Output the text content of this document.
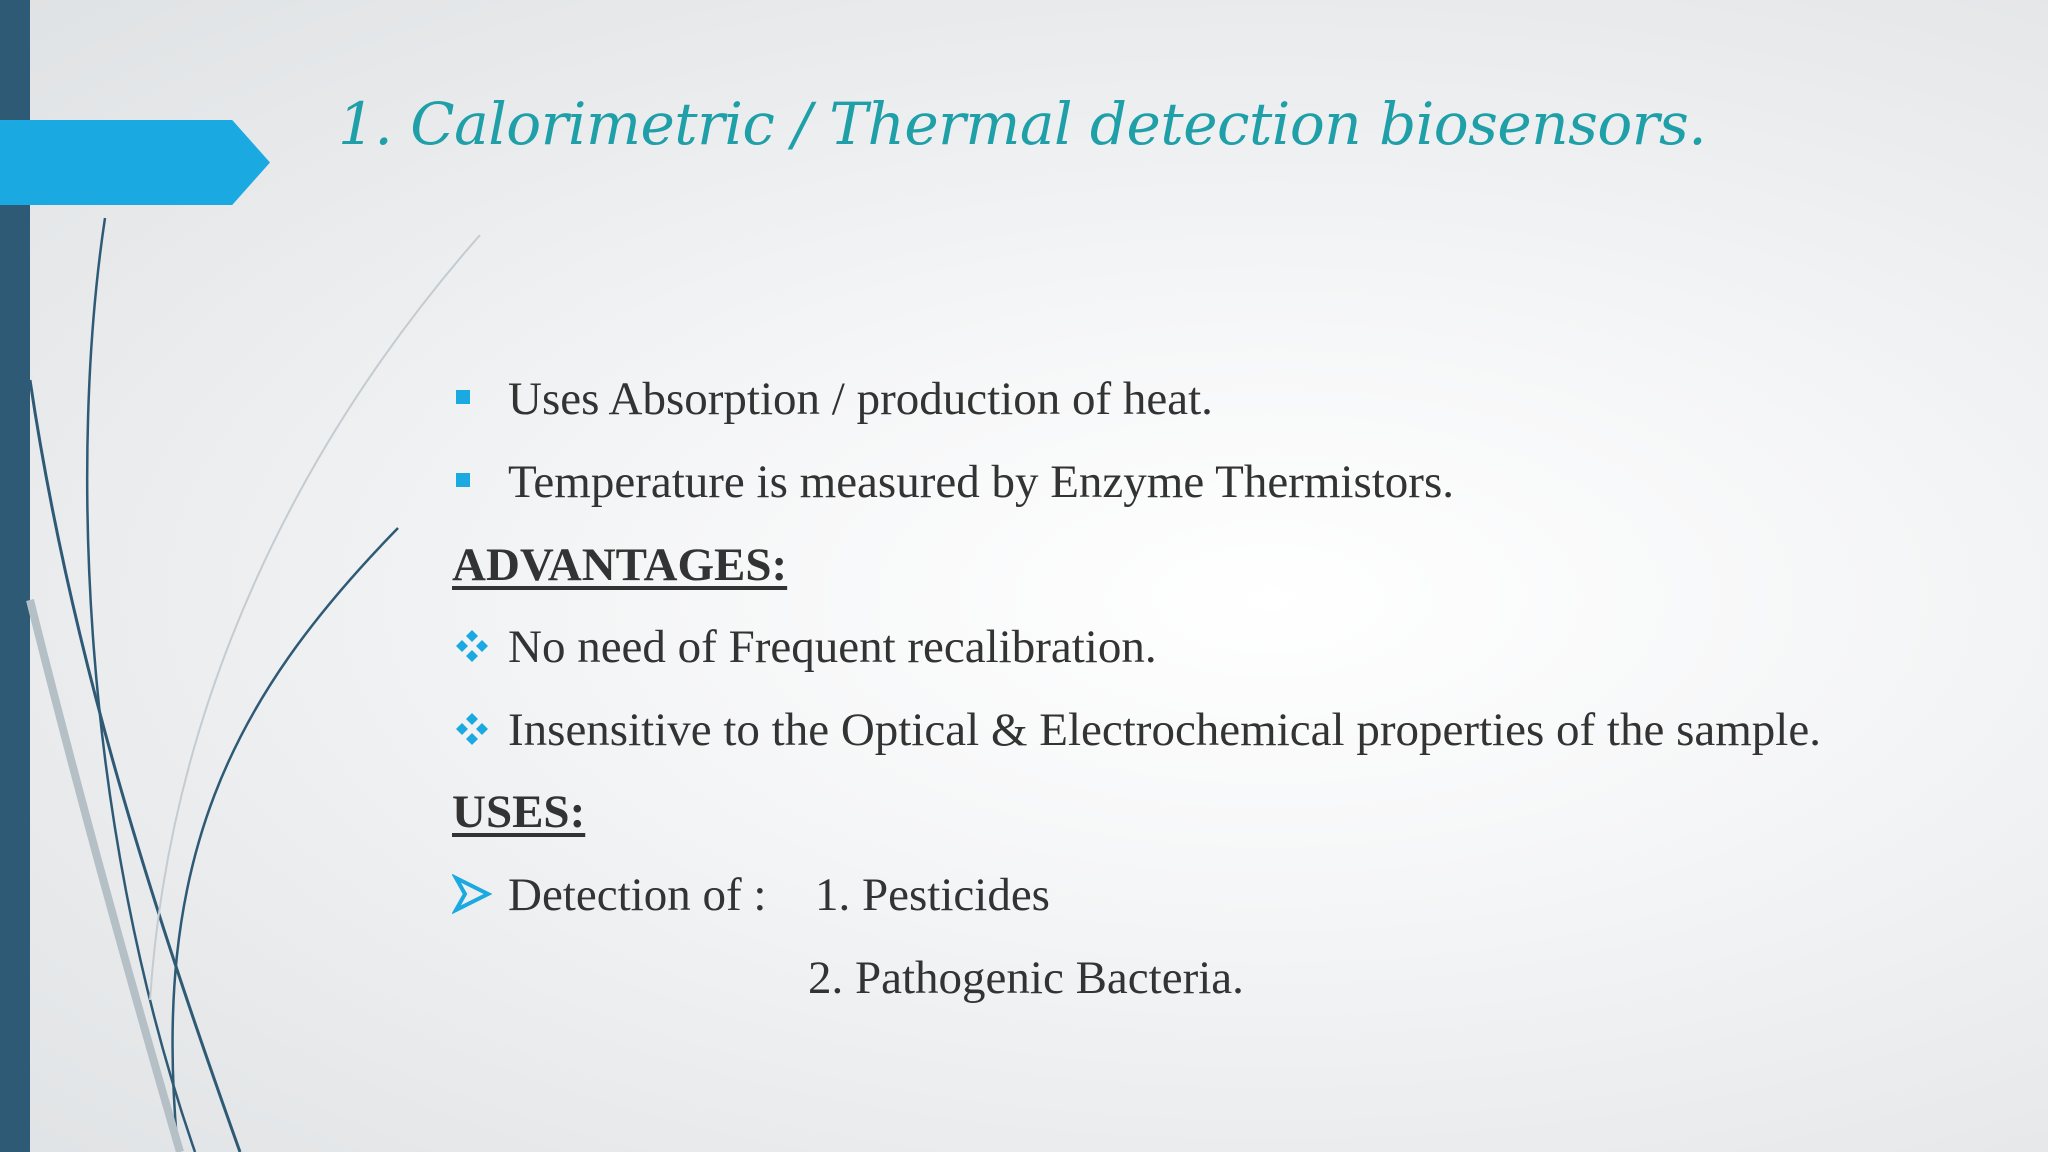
1. Calorimetric / Thermal detection biosensors.
Uses Absorption / production of heat.
Temperature is measured by Enzyme Thermistors.
ADVANTAGES:
No need of Frequent recalibration.
Insensitive to the Optical & Electrochemical properties of the sample.
USES:
Detection of : 1. Pesticides
2. Pathogenic Bacteria.
